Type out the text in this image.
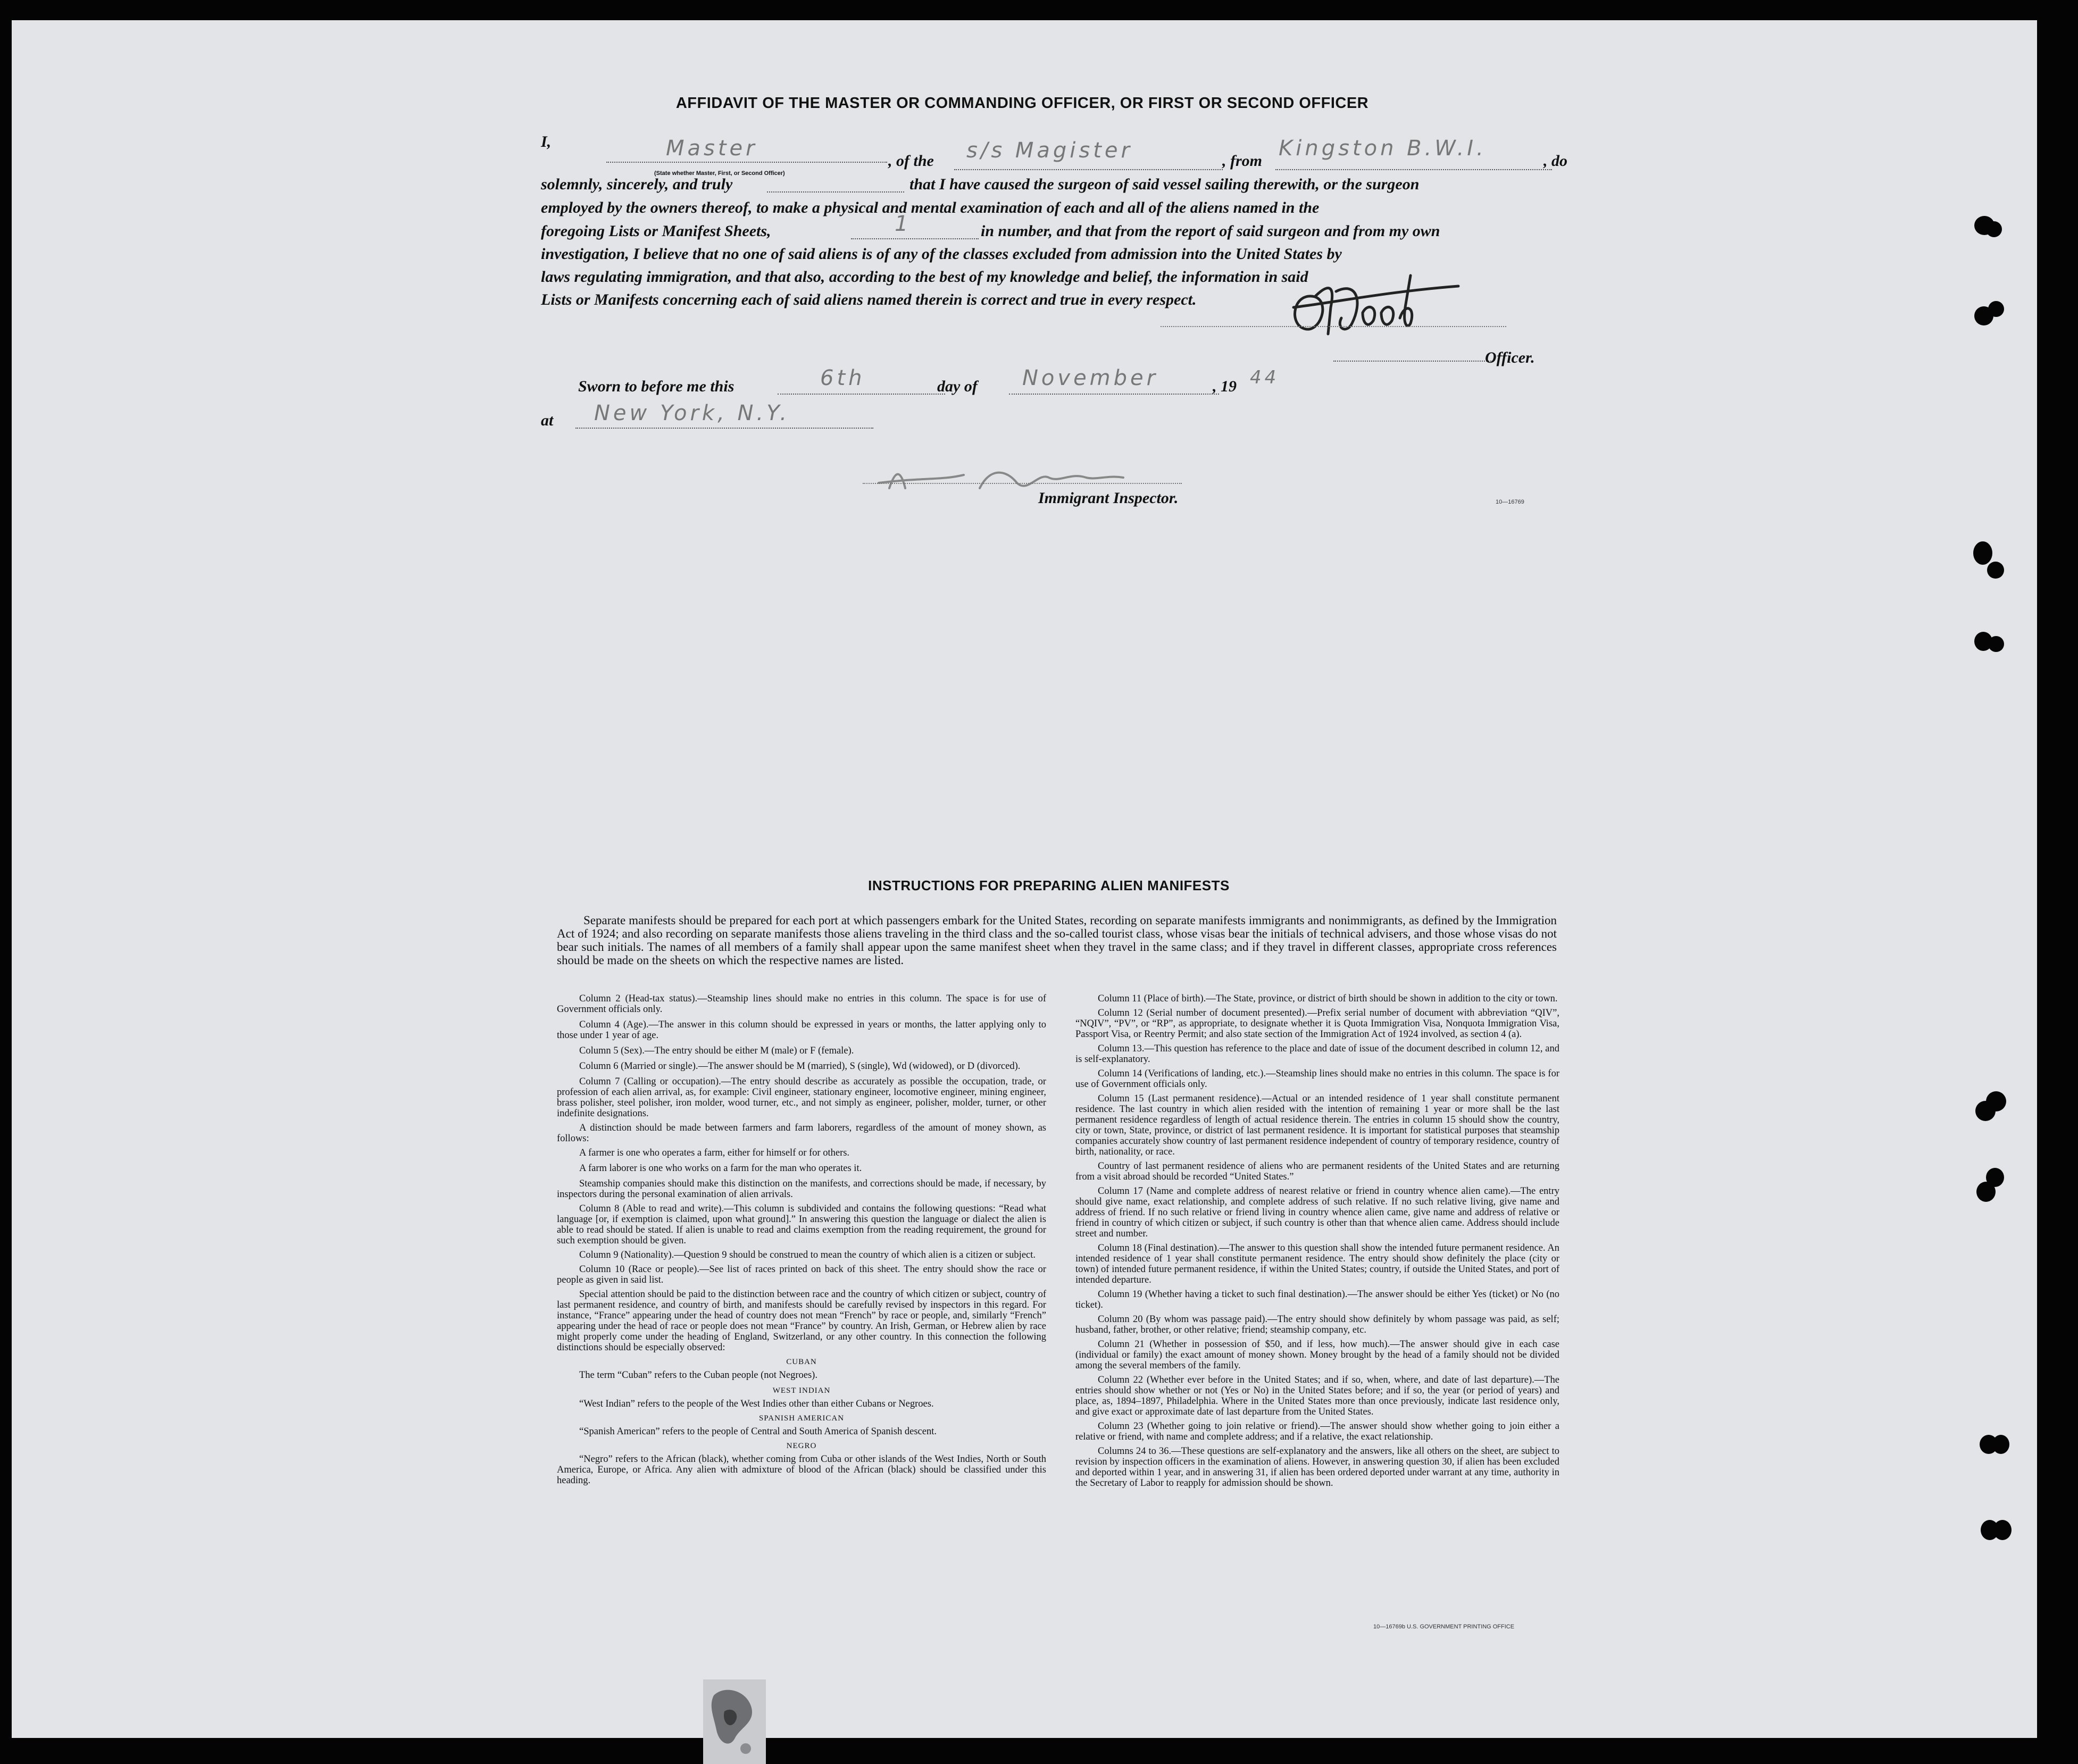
AFFIDAVIT OF THE MASTER OR COMMANDING OFFICER, OR FIRST OR SECOND OFFICER
I,	Master
(State whether Master, First, or Second Officer)
, of the	s/s Magister	, from
Kingston B.W.I.
, do
solemnly, sincerely, and truly	that I have caused the surgeon of said vessel sailing therewith, or the surgeon
employed by the owners thereof, to make a physical and mental examination of each and all of the aliens named in the
foregoing Lists or Manifest Sheets,	1	in number, and that from the report of said surgeon and from my own
investigation, I believe that no one of said aliens is of any of the classes excluded from admission into the United States by
laws regulating immigration, and that also, according to the best of my knowledge and belief, the information in said
Lists or Manifests concerning each of said aliens named therein is correct and true in every respect.
Officer.
Sworn to before me this	6th	day of	November	, 19 44
at	New York, N.Y.
Immigrant Inspector.	10—16769
INSTRUCTIONS FOR PREPARING ALIEN MANIFESTS
Separate manifests should be prepared for each port at which passengers embark for the United States, recording on separate manifests immigrants and nonimmigrants, as defined by the Immigration Act of 1924; and also recording on separate manifests those aliens traveling in the third class and the so-called tourist class, whose visas bear the initials of technical advisers, and those whose visas do not bear such initials. The names of all members of a family shall appear upon the same manifest sheet when they travel in the same class; and if they travel in different classes, appropriate cross references should be made on the sheets on which the respective names are listed.

Column 2 (Head-tax status).—Steamship lines should make no entries in this column. The space is for use of Government officials only.

Column 4 (Age).—The answer in this column should be expressed in years or months, the latter applying only to those under 1 year of age.

Column 5 (Sex).—The entry should be either M (male) or F (female).

Column 6 (Married or single).—The answer should be M (married), S (single), Wd (widowed), or D (divorced).

Column 7 (Calling or occupation).—The entry should describe as accurately as possible the occupation, trade, or profession of each alien arrival, as, for example: Civil engineer, stationary engineer, locomotive engineer, mining engineer, brass polisher, steel polisher, iron molder, wood turner, etc., and not simply as engineer, polisher, molder, turner, or other indefinite designations.

A distinction should be made between farmers and farm laborers, regardless of the amount of money shown, as follows:

A farmer is one who operates a farm, either for himself or for others.

A farm laborer is one who works on a farm for the man who operates it.

Steamship companies should make this distinction on the manifests, and corrections should be made, if necessary, by inspectors during the personal examination of alien arrivals.

Column 8 (Able to read and write).—This column is subdivided and contains the following questions: “Read what language [or, if exemption is claimed, upon what ground].” In answering this question the language or dialect the alien is able to read should be stated. If alien is unable to read and claims exemption from the reading requirement, the ground for such exemption should be given.

Column 9 (Nationality).—Question 9 should be construed to mean the country of which alien is a citizen or subject.

Column 10 (Race or people).—See list of races printed on back of this sheet. The entry should show the race or people as given in said list.

Special attention should be paid to the distinction between race and the country of which citizen or subject, country of last permanent residence, and country of birth, and manifests should be carefully revised by inspectors in this regard. For instance, “France” appearing under the head of country does not mean “French” by race or people, and, similarly “French” appearing under the head of race or people does not mean “France” by country. An Irish, German, or Hebrew alien by race might properly come under the heading of England, Switzerland, or any other country. In this connection the following distinctions should be especially observed:

CUBAN

The term “Cuban” refers to the Cuban people (not Negroes).

WEST INDIAN

“West Indian” refers to the people of the West Indies other than either Cubans or Negroes.

SPANISH AMERICAN

“Spanish American” refers to the people of Central and South America of Spanish descent.

NEGRO

“Negro” refers to the African (black), whether coming from Cuba or other islands of the West Indies, North or South America, Europe, or Africa. Any alien with admixture of blood of the African (black) should be classified under this heading.

Column 11 (Place of birth).—The State, province, or district of birth should be shown in addition to the city or town.

Column 12 (Serial number of document presented).—Prefix serial number of document with abbreviation “QIV”, “NQIV”, “PV”, or “RP”, as appropriate, to designate whether it is Quota Immigration Visa, Nonquota Immigration Visa, Passport Visa, or Reentry Permit; and also state section of the Immigration Act of 1924 involved, as section 4 (a).

Column 13.—This question has reference to the place and date of issue of the document described in column 12, and is self-explanatory.

Column 14 (Verifications of landing, etc.).—Steamship lines should make no entries in this column. The space is for use of Government officials only.

Column 15 (Last permanent residence).—Actual or an intended residence of 1 year shall constitute permanent residence. The last country in which alien resided with the intention of remaining 1 year or more shall be the last permanent residence regardless of length of actual residence therein. The entries in column 15 should show the country, city or town, State, province, or district of last permanent residence. It is important for statistical purposes that steamship companies accurately show country of last permanent residence independent of country of temporary residence, country of birth, nationality, or race.

Country of last permanent residence of aliens who are permanent residents of the United States and are returning from a visit abroad should be recorded “United States.”

Column 17 (Name and complete address of nearest relative or friend in country whence alien came).—The entry should give name, exact relationship, and complete address of such relative. If no such relative living, give name and address of friend. If no such relative or friend living in country whence alien came, give name and address of relative or friend in country of which citizen or subject, if such country is other than that whence alien came. Address should include street and number.

Column 18 (Final destination).—The answer to this question shall show the intended future permanent residence. An intended residence of 1 year shall constitute permanent residence. The entry should show definitely the place (city or town) of intended future permanent residence, if within the United States; country, if outside the United States, and port of intended departure.

Column 19 (Whether having a ticket to such final destination).—The answer should be either Yes (ticket) or No (no ticket).

Column 20 (By whom was passage paid).—The entry should show definitely by whom passage was paid, as self; husband, father, brother, or other relative; friend; steamship company, etc.

Column 21 (Whether in possession of $50, and if less, how much).—The answer should give in each case (individual or family) the exact amount of money shown. Money brought by the head of a family should not be divided among the several members of the family.

Column 22 (Whether ever before in the United States; and if so, when, where, and date of last departure).—The entries should show whether or not (Yes or No) in the United States before; and if so, the year (or period of years) and place, as, 1894–1897, Philadelphia. Where in the United States more than once previously, indicate last residence only, and give exact or approximate date of last departure from the United States.

Column 23 (Whether going to join relative or friend).—The answer should show whether going to join either a relative or friend, with name and complete address; and if a relative, the exact relationship.

Columns 24 to 36.—These questions are self-explanatory and the answers, like all others on the sheet, are subject to revision by inspection officers in the examination of aliens. However, in answering question 30, if alien has been excluded and deported within 1 year, and in answering 31, if alien has been ordered deported under warrant at any time, authority in the Secretary of Labor to reapply for admission should be shown.

10—16769b U.S. GOVERNMENT PRINTING OFFICE
